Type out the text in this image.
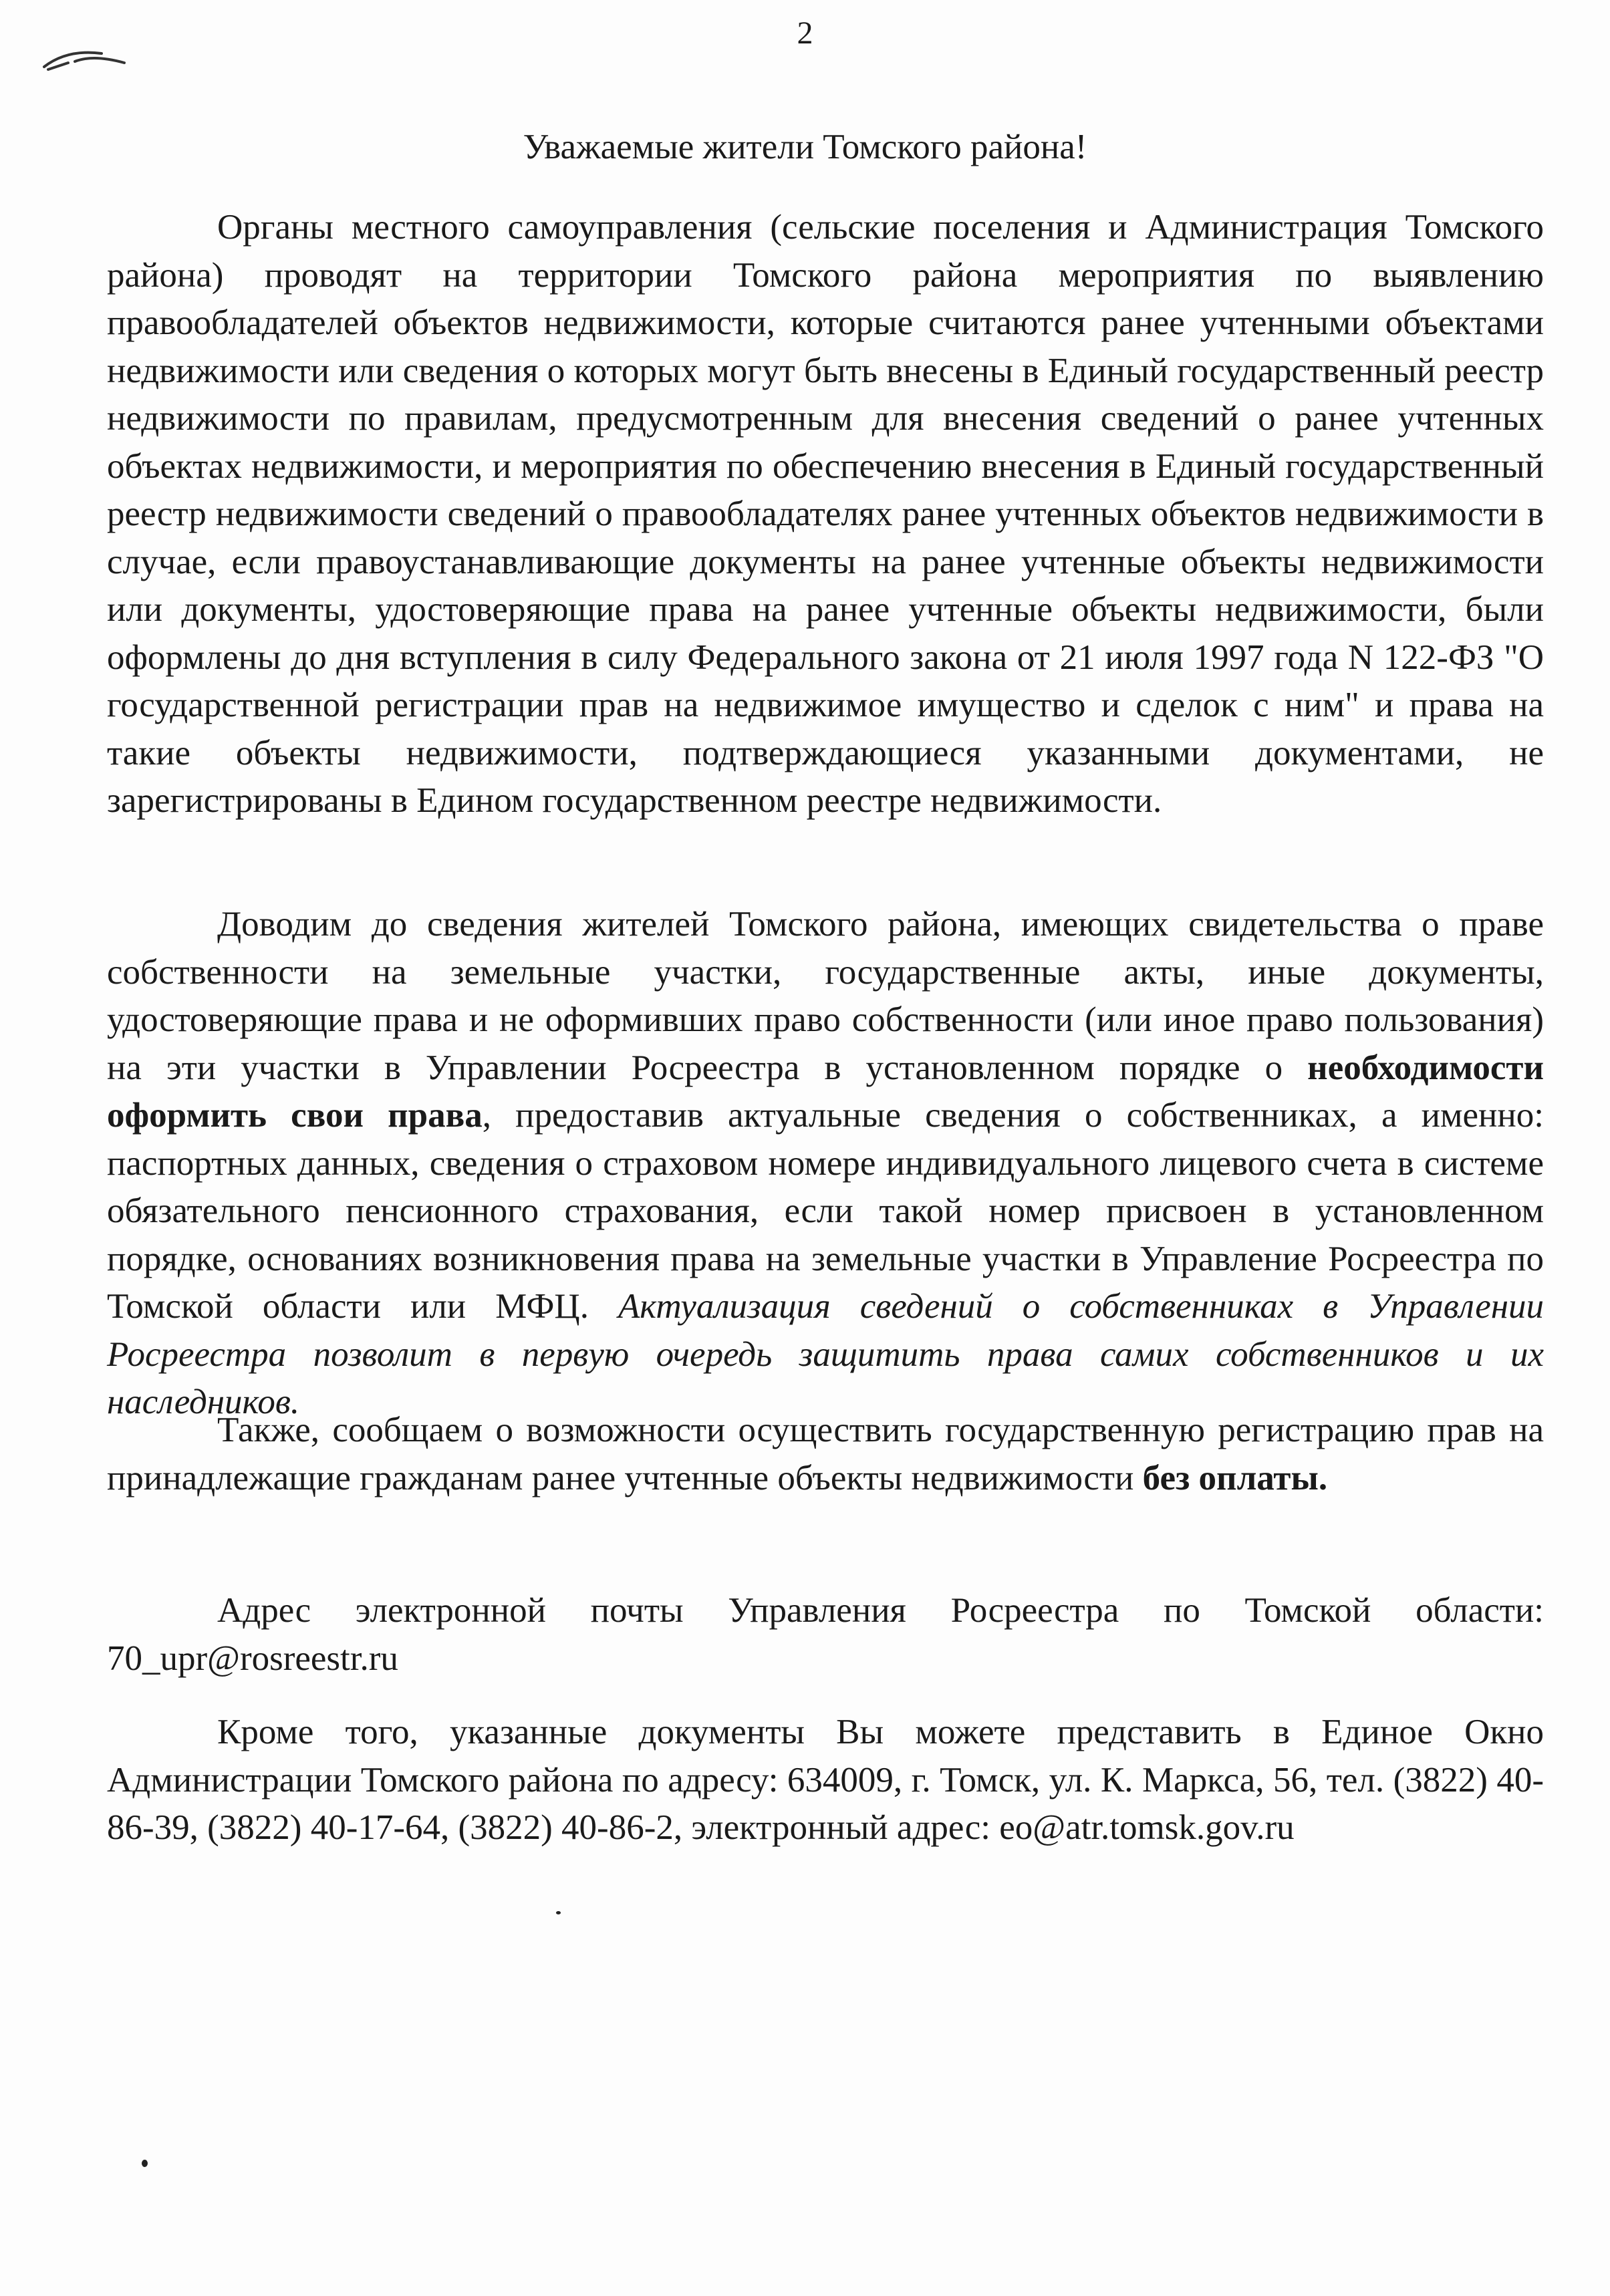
2
Уважаемые жители Томского района!

Органы местного самоуправления (сельские поселения и Администрация Томского района) проводят на территории Томского района мероприятия по выявлению правообладателей объектов недвижимости, которые считаются ранее учтенными объектами недвижимости или сведения о которых могут быть внесены в Единый государственный реестр недвижимости по правилам, предусмотренным для внесения сведений о ранее учтенных объектах недвижимости, и мероприятия по обеспечению внесения в Единый государственный реестр недвижимости сведений о правообладателях ранее учтенных объектов недвижимости в случае, если правоустанавливающие документы на ранее учтенные объекты недвижимости или документы, удостоверяющие права на ранее учтенные объекты недвижимости, были оформлены до дня вступления в силу Федерального закона от 21 июля 1997 года N 122-ФЗ "О государственной регистрации прав на недвижимое имущество и сделок с ним" и права на такие объекты недвижимости, подтверждающиеся указанными документами, не зарегистрированы в Едином государственном реестре недвижимости.

Доводим до сведения жителей Томского района, имеющих свидетельства о праве собственности на земельные участки, государственные акты, иные документы, удостоверяющие права и не оформивших право собственности (или иное право пользования) на эти участки в Управлении Росреестра в установленном порядке о необходимости оформить свои права, предоставив актуальные сведения о собственниках, а именно: паспортных данных, сведения о страховом номере индивидуального лицевого счета в системе обязательного пенсионного страхования, если такой номер присвоен в установленном порядке, основаниях возникновения права на земельные участки в Управление Росреестра по Томской области или МФЦ. Актуализация сведений о собственниках в Управлении Росреестра позволит в первую очередь защитить права самих собственников и их наследников.

Также, сообщаем о возможности осуществить государственную регистрацию прав на принадлежащие гражданам ранее учтенные объекты недвижимости без оплаты.

Адрес электронной почты Управления Росреестра по Томской области: 70_upr@rosreestr.ru

Кроме того, указанные документы Вы можете представить в Единое Окно Администрации Томского района по адресу: 634009, г. Томск, ул. К. Маркса, 56, тел. (3822) 40-86-39, (3822) 40-17-64, (3822) 40-86-2, электронный адрес: eo@atr.tomsk.gov.ru
